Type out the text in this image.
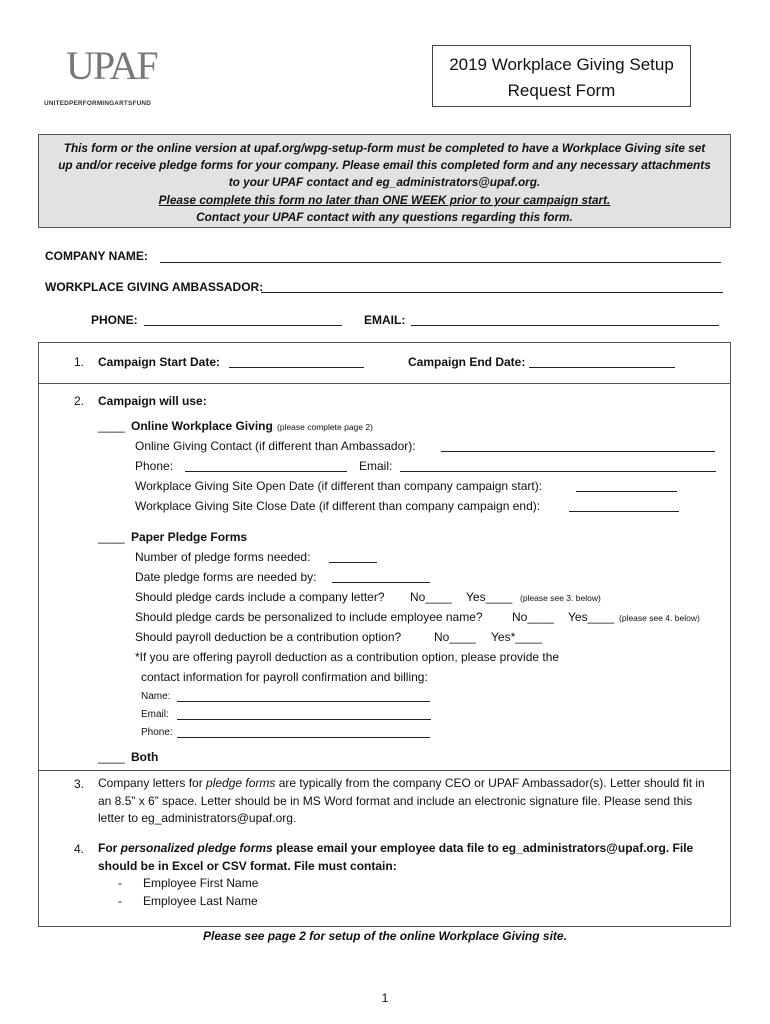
UPAF
UNITEDPERFORMINGARTSFUND
2019 Workplace Giving Setup
Request Form
This form or the online version at upaf.org/wpg-setup-form must be completed to have a Workplace Giving site set
up and/or receive pledge forms for your company. Please email this completed form and any necessary attachments
to your UPAF contact and eg_administrators@upaf.org.
Please complete this form no later than ONE WEEK prior to your campaign start.
Contact your UPAF contact with any questions regarding this form.
COMPANY NAME:
WORKPLACE GIVING AMBASSADOR:
PHONE:	EMAIL:
1. Campaign Start Date:	Campaign End Date:
2. Campaign will use:
____ Online Workplace Giving (please complete page 2)
Online Giving Contact (if different than Ambassador):
Phone:	Email:
Workplace Giving Site Open Date (if different than company campaign start):
Workplace Giving Site Close Date (if different than company campaign end):
____ Paper Pledge Forms
Number of pledge forms needed:
Date pledge forms are needed by:
Should pledge cards include a company letter? No____ Yes____ (please see 3. below)
Should pledge cards be personalized to include employee name? No____ Yes____ (please see 4. below)
Should payroll deduction be a contribution option?	No____ Yes*____
*If you are offering payroll deduction as a contribution option, please provide the
contact information for payroll confirmation and billing:
Name:
Email:
Phone:
____ Both
3. Company letters for pledge forms are typically from the company CEO or UPAF Ambassador(s). Letter should fit in an 8.5” x 6” space. Letter should be in MS Word format and include an electronic signature file. Please send this letter to eg_administrators@upaf.org.
4. For personalized pledge forms please email your employee data file to eg_administrators@upaf.org. File should be in Excel or CSV format. File must contain:
- Employee First Name
- Employee Last Name
Please see page 2 for setup of the online Workplace Giving site.
1
